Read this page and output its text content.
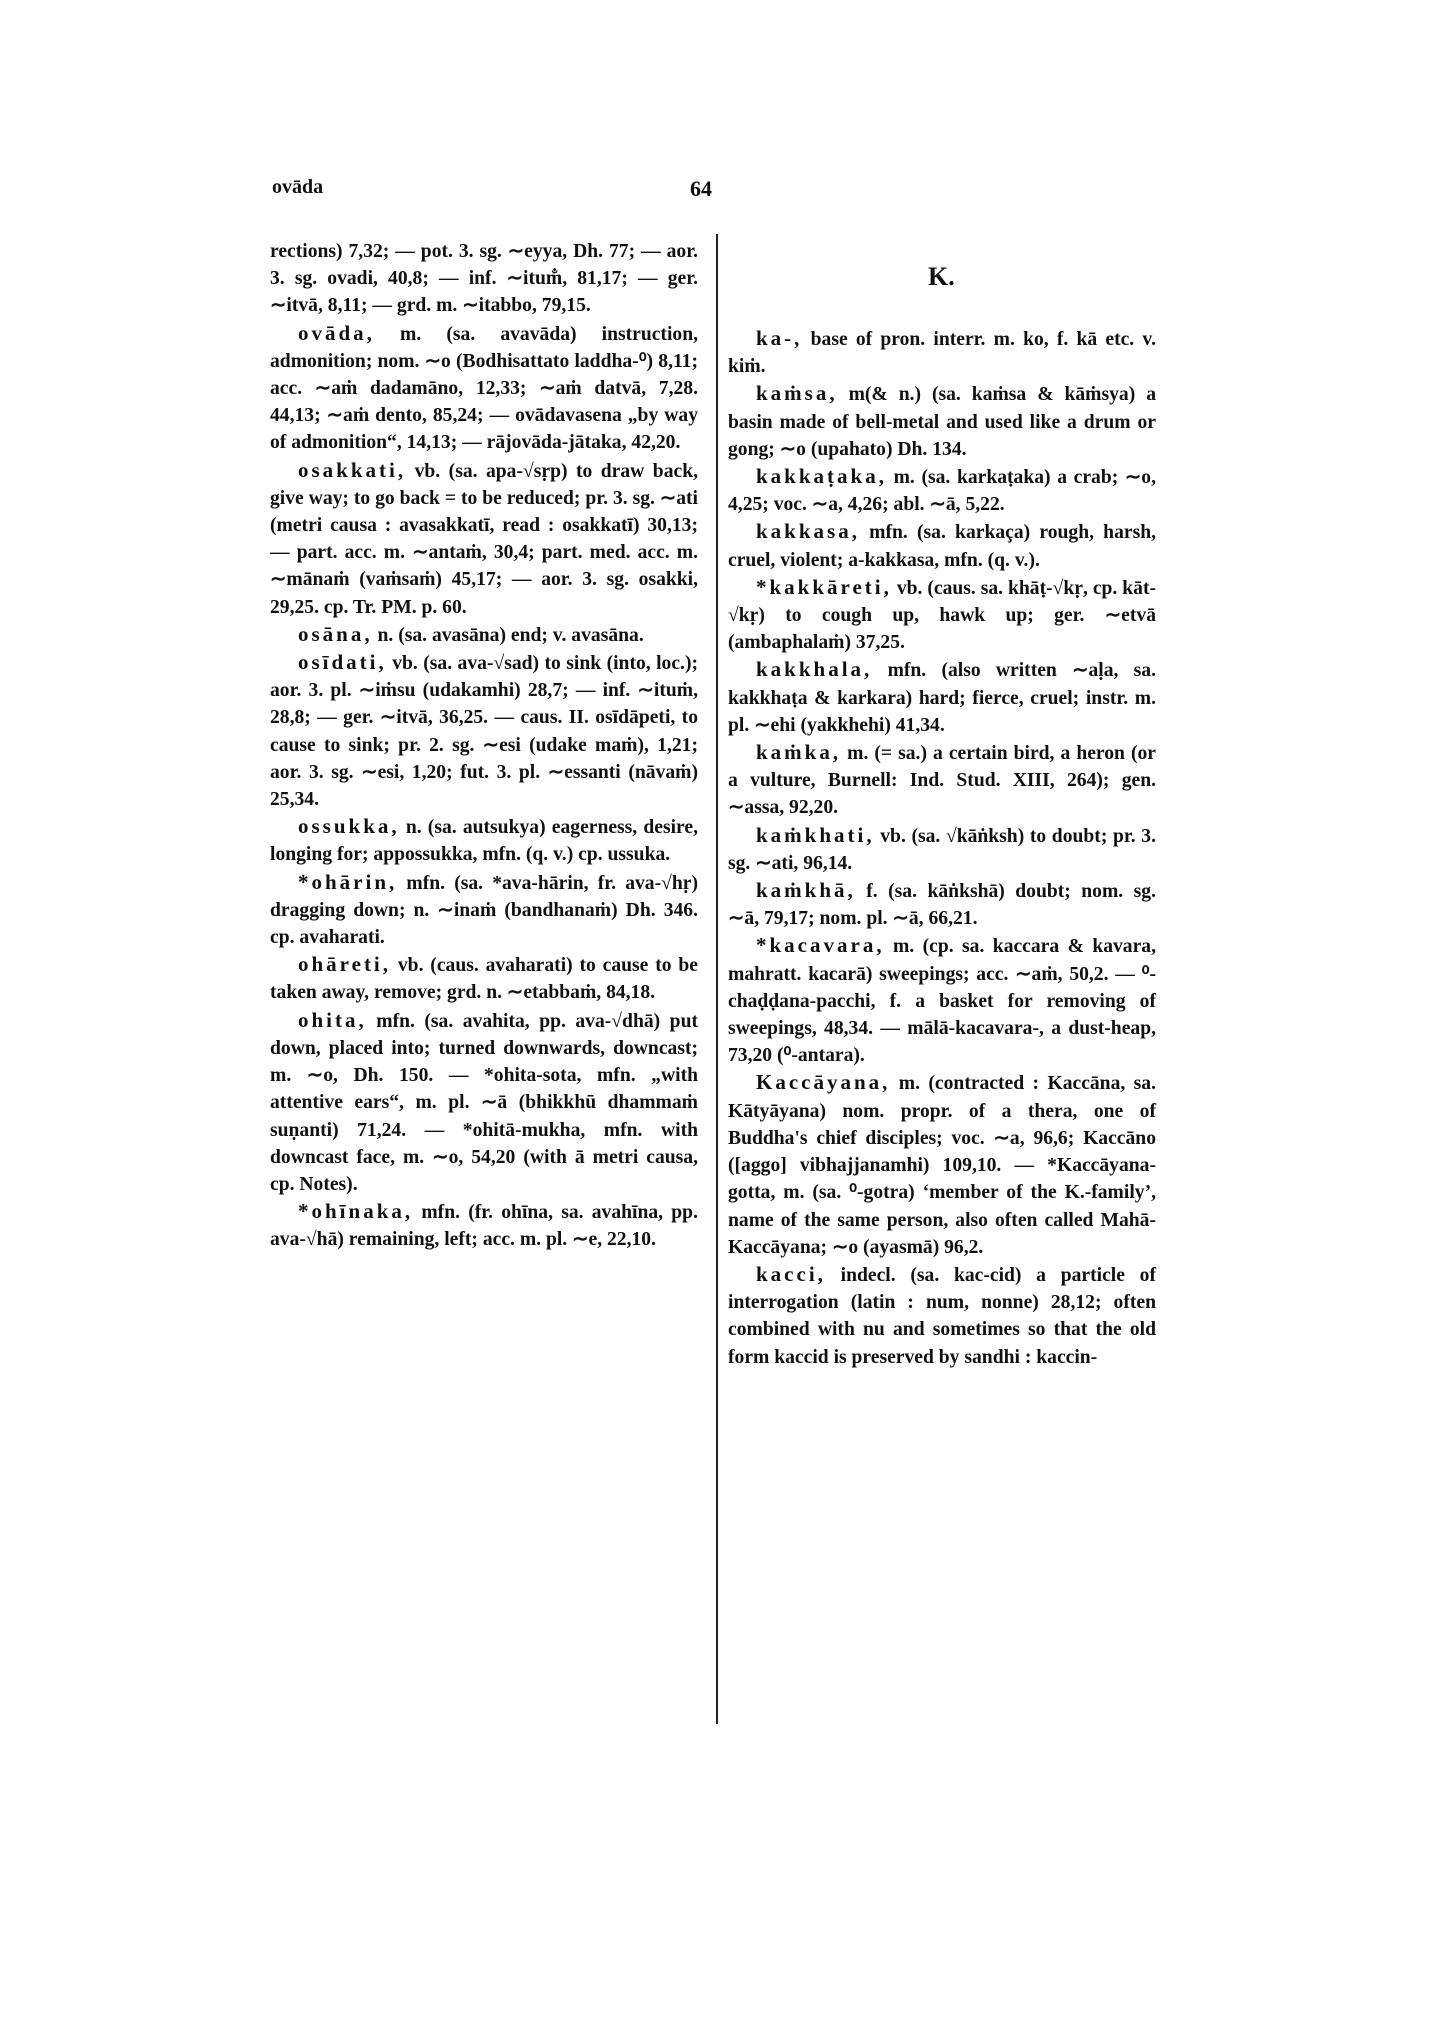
ovāda	64

rections) 7,32; — pot. 3. sg. ∼eyya, Dh. 77; — aor. 3. sg. ovadi, 40,8; — inf. ∼itum̐, 81,17; — ger. ∼itvā, 8,11; — grd. m. ∼itabbo, 79,15.

ovāda, m. (sa. avavāda) instruction, admonition; nom. ∼o (Bodhisattato laddha-⁰) 8,11; acc. ∼aṁ dadamāno, 12,33; ∼aṁ datvā, 7,28. 44,13; ∼aṁ dento, 85,24; — ovādavasena „by way of admonition“, 14,13; — rājovāda-jātaka, 42,20.

osakkati, vb. (sa. apa-√sṛp) to draw back, give way; to go back = to be reduced; pr. 3. sg. ∼ati (metri causa : avasakkatī, read : osakkatī) 30,13; — part. acc. m. ∼antaṁ, 30,4; part. med. acc. m. ∼mānaṁ (vaṁsaṁ) 45,17; — aor. 3. sg. osakki, 29,25. cp. Tr. PM. p. 60.

osāna, n. (sa. avasāna) end; v. avasāna.

osīdati, vb. (sa. ava-√sad) to sink (into, loc.); aor. 3. pl. ∼iṁsu (udakamhi) 28,7; — inf. ∼ituṁ, 28,8; — ger. ∼itvā, 36,25. — caus. II. osīdāpeti, to cause to sink; pr. 2. sg. ∼esi (udake maṁ), 1,21; aor. 3. sg. ∼esi, 1,20; fut. 3. pl. ∼essanti (nāvaṁ) 25,34.

ossukka, n. (sa. autsukya) eagerness, desire, longing for; appossukka, mfn. (q. v.) cp. ussuka.

*ohārin, mfn. (sa. *ava-hārin, fr. ava-√hṛ) dragging down; n. ∼inaṁ (bandhanaṁ) Dh. 346. cp. avaharati.

ohāreti, vb. (caus. avaharati) to cause to be taken away, remove; grd. n. ∼etabbaṁ, 84,18.

ohita, mfn. (sa. avahita, pp. ava-√dhā) put down, placed into; turned downwards, downcast; m. ∼o, Dh. 150. — *ohita-sota, mfn. „with attentive ears“, m. pl. ∼ā (bhikkhū dhammaṁ suṇanti) 71,24. — *ohitā-mukha, mfn. with downcast face, m. ∼o, 54,20 (with ā metri causa, cp. Notes).

*ohīnaka, mfn. (fr. ohīna, sa. avahīna, pp. ava-√hā) remaining, left; acc. m. pl. ∼e, 22,10.

K.

ka-, base of pron. interr. m. ko, f. kā etc. v. kiṁ.

kaṁsa, m(& n.) (sa. kaṁsa & kāṁsya) a basin made of bell-metal and used like a drum or gong; ∼o (upahato) Dh. 134.

kakkaṭaka, m. (sa. karkaṭaka) a crab; ∼o, 4,25; voc. ∼a, 4,26; abl. ∼ā, 5,22.

kakkasa, mfn. (sa. karkaça) rough, harsh, cruel, violent; a-kakkasa, mfn. (q. v.).

*kakkāreti, vb. (caus. sa. khāṭ-√kṛ, cp. kāt-√kṛ) to cough up, hawk up; ger. ∼etvā (ambaphalaṁ) 37,25.

kakkhala, mfn. (also written ∼aḷa, sa. kakkhaṭa & karkara) hard; fierce, cruel; instr. m. pl. ∼ehi (yakkhehi) 41,34.

kaṁka, m. (= sa.) a certain bird, a heron (or a vulture, Burnell: Ind. Stud. XIII, 264); gen. ∼assa, 92,20.

kaṁkhati, vb. (sa. √kāṅksh) to doubt; pr. 3. sg. ∼ati, 96,14.

kaṁkhā, f. (sa. kāṅkshā) doubt; nom. sg. ∼ā, 79,17; nom. pl. ∼ā, 66,21.

*kacavara, m. (cp. sa. kaccara & kavara, mahratt. kacarā) sweepings; acc. ∼aṁ, 50,2. — ⁰-chaḍḍana-pacchi, f. a basket for removing of sweepings, 48,34. — mālā-kacavara-, a dust-heap, 73,20 (⁰-antara).

Kaccāyana, m. (contracted : Kaccāna, sa. Kātyāyana) nom. propr. of a thera, one of Buddha's chief disciples; voc. ∼a, 96,6; Kaccāno ([aggo] vibhajjanamhi) 109,10. — *Kaccāyana-gotta, m. (sa. ⁰-gotra) ‘member of the K.-family’, name of the same person, also often called Mahā-Kaccāyana; ∼o (ayasmā) 96,2.

kacci, indecl. (sa. kac-cid) a particle of interrogation (latin : num, nonne) 28,12; often combined with nu and sometimes so that the old form kaccid is preserved by sandhi : kaccin-
